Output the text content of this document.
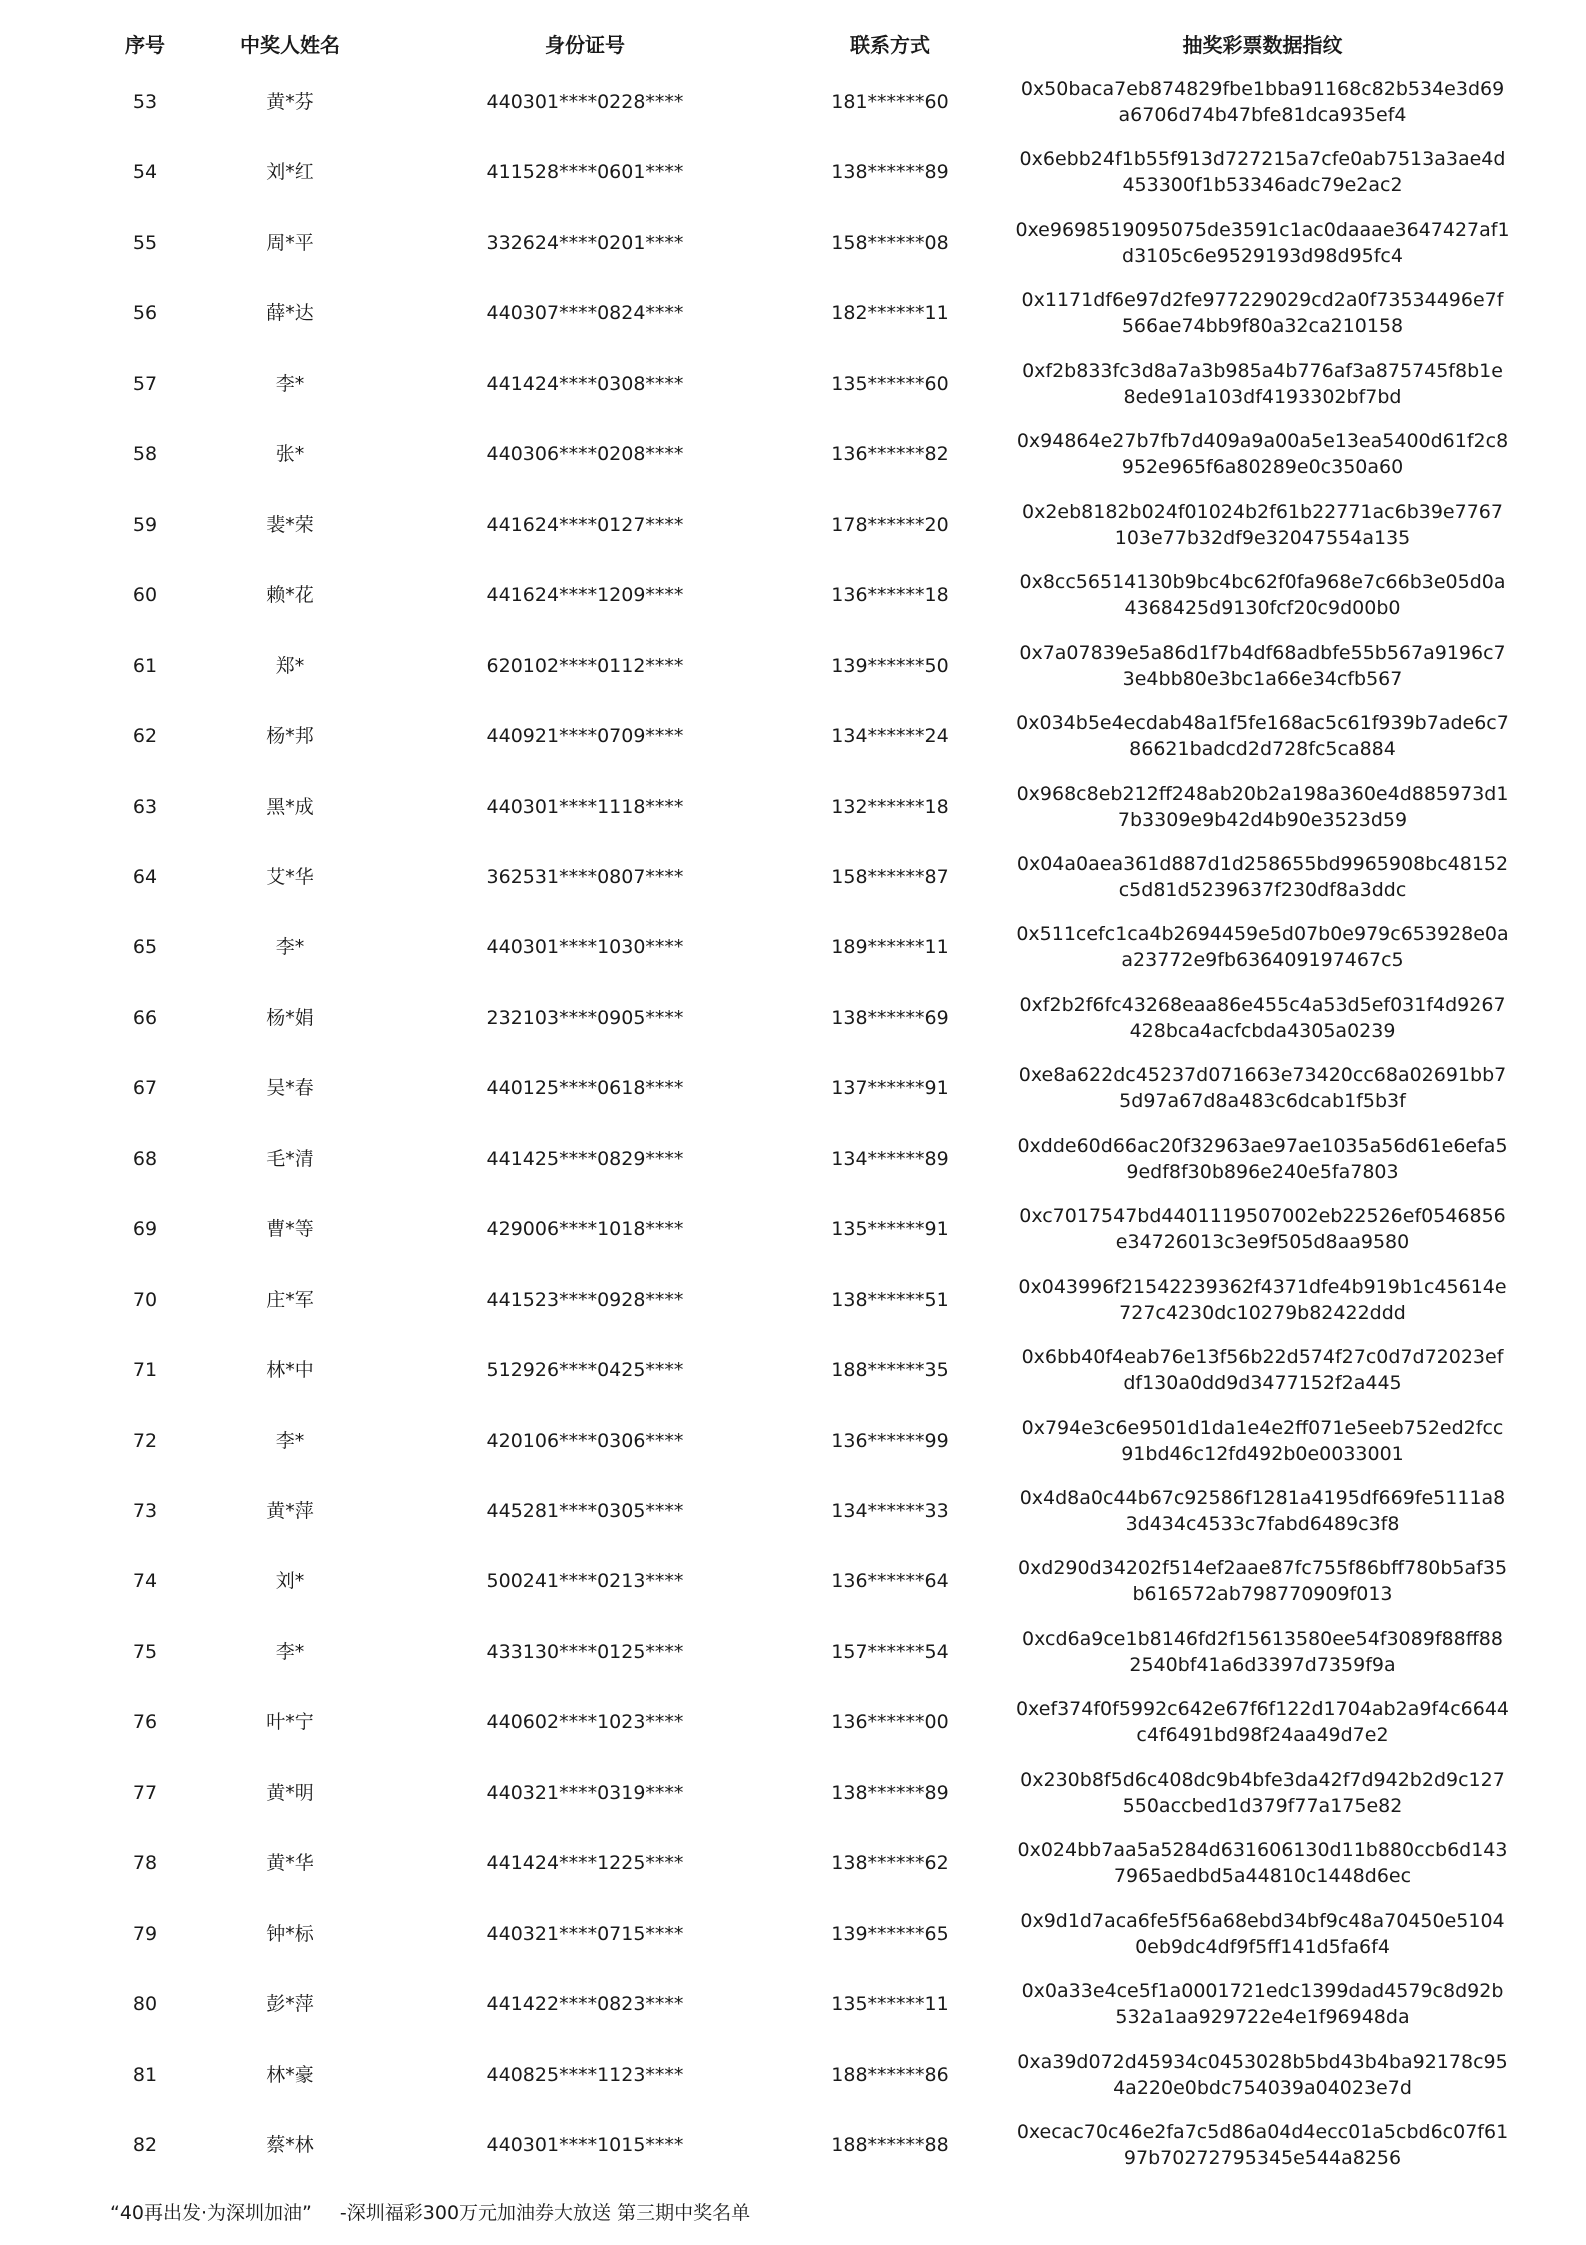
序号	中奖人姓名	身份证号	联系方式	抽奖彩票数据指纹
53	黄*芬	440301****0228****	181******60
0x50baca7eb874829fbe1bba91168c82b534e3d69
a6706d74b47bfe81dca935ef4
54	刘*红	411528****0601****	138******89
0x6ebb24f1b55f913d727215a7cfe0ab7513a3ae4d
453300f1b53346adc79e2ac2
55	周*平	332624****0201****	158******08
0xe9698519095075de3591c1ac0daaae3647427af1
d3105c6e9529193d98d95fc4
56	薛*达	440307****0824****	182******11
0x1171df6e97d2fe977229029cd2a0f73534496e7f
566ae74bb9f80a32ca210158
57	李*	441424****0308****	135******60
0xf2b833fc3d8a7a3b985a4b776af3a875745f8b1e
8ede91a103df4193302bf7bd
58	张*	440306****0208****	136******82
0x94864e27b7fb7d409a9a00a5e13ea5400d61f2c8
952e965f6a80289e0c350a60
59	裴*荣	441624****0127****	178******20
0x2eb8182b024f01024b2f61b22771ac6b39e7767
103e77b32df9e32047554a135
60	赖*花	441624****1209****	136******18
0x8cc56514130b9bc4bc62f0fa968e7c66b3e05d0a
4368425d9130fcf20c9d00b0
61	郑*	620102****0112****	139******50
0x7a07839e5a86d1f7b4df68adbfe55b567a9196c7
3e4bb80e3bc1a66e34cfb567
62	杨*邦	440921****0709****	134******24
0x034b5e4ecdab48a1f5fe168ac5c61f939b7ade6c7
86621badcd2d728fc5ca884
63	黑*成	440301****1118****	132******18
0x968c8eb212ff248ab20b2a198a360e4d885973d1
7b3309e9b42d4b90e3523d59
64	艾*华	362531****0807****	158******87
0x04a0aea361d887d1d258655bd9965908bc48152
c5d81d5239637f230df8a3ddc
65	李*	440301****1030****	189******11
0x511cefc1ca4b2694459e5d07b0e979c653928e0a
a23772e9fb636409197467c5
66	杨*娟	232103****0905****	138******69
0xf2b2f6fc43268eaa86e455c4a53d5ef031f4d9267
428bca4acfcbda4305a0239
67	吴*春	440125****0618****	137******91
0xe8a622dc45237d071663e73420cc68a02691bb7
5d97a67d8a483c6dcab1f5b3f
68	毛*清	441425****0829****	134******89
0xdde60d66ac20f32963ae97ae1035a56d61e6efa5
9edf8f30b896e240e5fa7803
69	曹*等	429006****1018****	135******91
0xc7017547bd4401119507002eb22526ef0546856
e34726013c3e9f505d8aa9580
70	庄*军	441523****0928****	138******51
0x043996f21542239362f4371dfe4b919b1c45614e
727c4230dc10279b82422ddd
71	林*中	512926****0425****	188******35
0x6bb40f4eab76e13f56b22d574f27c0d7d72023ef
df130a0dd9d3477152f2a445
72	李*	420106****0306****	136******99
0x794e3c6e9501d1da1e4e2ff071e5eeb752ed2fcc
91bd46c12fd492b0e0033001
73	黄*萍	445281****0305****	134******33
0x4d8a0c44b67c92586f1281a4195df669fe5111a8
3d434c4533c7fabd6489c3f8
74	刘*	500241****0213****	136******64
0xd290d34202f514ef2aae87fc755f86bff780b5af35
b616572ab798770909f013
75	李*	433130****0125****	157******54
0xcd6a9ce1b8146fd2f15613580ee54f3089f88ff88
2540bf41a6d3397d7359f9a
76	叶*宁	440602****1023****	136******00
0xef374f0f5992c642e67f6f122d1704ab2a9f4c6644
c4f6491bd98f24aa49d7e2
77	黄*明	440321****0319****	138******89
0x230b8f5d6c408dc9b4bfe3da42f7d942b2d9c127
550accbed1d379f77a175e82
78	黄*华	441424****1225****	138******62
0x024bb7aa5a5284d631606130d11b880ccb6d143
7965aedbd5a44810c1448d6ec
79	钟*标	440321****0715****	139******65
0x9d1d7aca6fe5f56a68ebd34bf9c48a70450e5104
0eb9dc4df9f5ff141d5fa6f4
80	彭*萍	441422****0823****	135******11
0x0a33e4ce5f1a0001721edc1399dad4579c8d92b
532a1aa929722e4e1f96948da
81	林*豪	440825****1123****	188******86
0xa39d072d45934c0453028b5bd43b4ba92178c95
4a220e0bdc754039a04023e7d
82	蔡*林	440301****1015****	188******88
0xecac70c46e2fa7c5d86a04d4ecc01a5cbd6c07f61
97b70272795345e544a8256
“40再出发·为深圳加油” -深圳福彩300万元加油券大放送 第三期中奖名单
